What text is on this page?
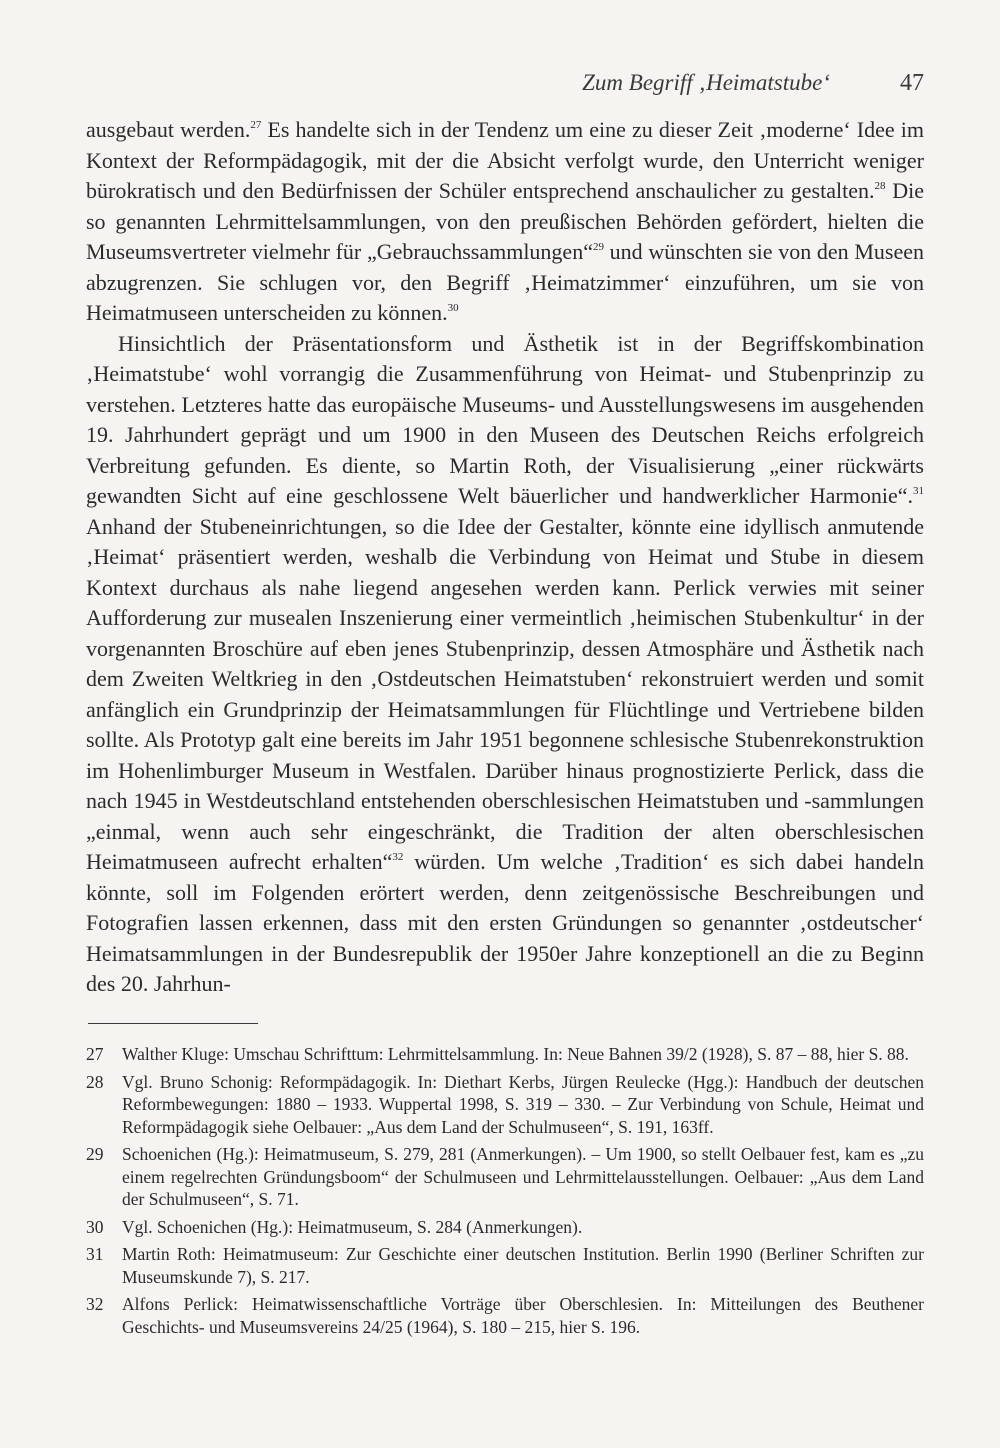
Zum Begriff ‚Heimatstube‘	47

ausgebaut werden.$^{27}$ Es handelte sich in der Tendenz um eine zu dieser Zeit ‚moderne‘ Idee im Kontext der Reformpädagogik, mit der die Absicht verfolgt wurde, den Unterricht weniger bürokratisch und den Bedürfnissen der Schüler entsprechend anschaulicher zu gestalten.$^{28}$ Die so genannten Lehrmittelsammlungen, von den preußischen Behörden gefördert, hielten die Museumsvertreter vielmehr für „Gebrauchssammlungen“$^{29}$ und wünschten sie von den Museen abzugrenzen. Sie schlugen vor, den Begriff ‚Heimatzimmer‘ einzuführen, um sie von Heimatmuseen unterscheiden zu können.$^{30}$

Hinsichtlich der Präsentationsform und Ästhetik ist in der Begriffskombination ‚Heimatstube‘ wohl vorrangig die Zusammenführung von Heimat- und Stubenprinzip zu verstehen. Letzteres hatte das europäische Museums- und Ausstellungswesens im ausgehenden 19. Jahrhundert geprägt und um 1900 in den Museen des Deutschen Reichs erfolgreich Verbreitung gefunden. Es diente, so Martin Roth, der Visualisierung „einer rückwärts gewandten Sicht auf eine geschlossene Welt bäuerlicher und handwerklicher Harmonie“.$^{31}$ Anhand der Stubeneinrichtungen, so die Idee der Gestalter, könnte eine idyllisch anmutende ‚Heimat‘ präsentiert werden, weshalb die Verbindung von Heimat und Stube in diesem Kontext durchaus als nahe liegend angesehen werden kann. Perlick verwies mit seiner Aufforderung zur musealen Inszenierung einer vermeintlich ‚heimischen Stubenkultur‘ in der vorgenannten Broschüre auf eben jenes Stubenprinzip, dessen Atmosphäre und Ästhetik nach dem Zweiten Weltkrieg in den ‚Ostdeutschen Heimatstuben‘ rekonstruiert werden und somit anfänglich ein Grundprinzip der Heimatsammlungen für Flüchtlinge und Vertriebene bilden sollte. Als Prototyp galt eine bereits im Jahr 1951 begonnene schlesische Stubenrekonstruktion im Hohenlimburger Museum in Westfalen. Darüber hinaus prognostizierte Perlick, dass die nach 1945 in Westdeutschland entstehenden oberschlesischen Heimatstuben und -sammlungen „einmal, wenn auch sehr eingeschränkt, die Tradition der alten oberschlesischen Heimatmuseen aufrecht erhalten“$^{32}$ würden. Um welche ‚Tradition‘ es sich dabei handeln könnte, soll im Folgenden erörtert werden, denn zeitgenössische Beschreibungen und Fotografien lassen erkennen, dass mit den ersten Gründungen so genannter ‚ostdeutscher‘ Heimatsammlungen in der Bundesrepublik der 1950er Jahre konzeptionell an die zu Beginn des 20. Jahrhun-

27	Walther Kluge: Umschau Schrifttum: Lehrmittelsammlung. In: Neue Bahnen 39/2 (1928), S. 87 – 88, hier S. 88.
28	Vgl. Bruno Schonig: Reformpädagogik. In: Diethart Kerbs, Jürgen Reulecke (Hgg.): Handbuch der deutschen Reformbewegungen: 1880 – 1933. Wuppertal 1998, S. 319 – 330. – Zur Verbindung von Schule, Heimat und Reformpädagogik siehe Oelbauer: „Aus dem Land der Schulmuseen“, S. 191, 163ff.
29	Schoenichen (Hg.): Heimatmuseum, S. 279, 281 (Anmerkungen). – Um 1900, so stellt Oelbauer fest, kam es „zu einem regelrechten Gründungsboom“ der Schulmuseen und Lehrmittelausstellungen. Oelbauer: „Aus dem Land der Schulmuseen“, S. 71.
30	Vgl. Schoenichen (Hg.): Heimatmuseum, S. 284 (Anmerkungen).
31	Martin Roth: Heimatmuseum: Zur Geschichte einer deutschen Institution. Berlin 1990 (Berliner Schriften zur Museumskunde 7), S. 217.
32	Alfons Perlick: Heimatwissenschaftliche Vorträge über Oberschlesien. In: Mitteilungen des Beuthener Geschichts- und Museumsvereins 24/25 (1964), S. 180 – 215, hier S. 196.
